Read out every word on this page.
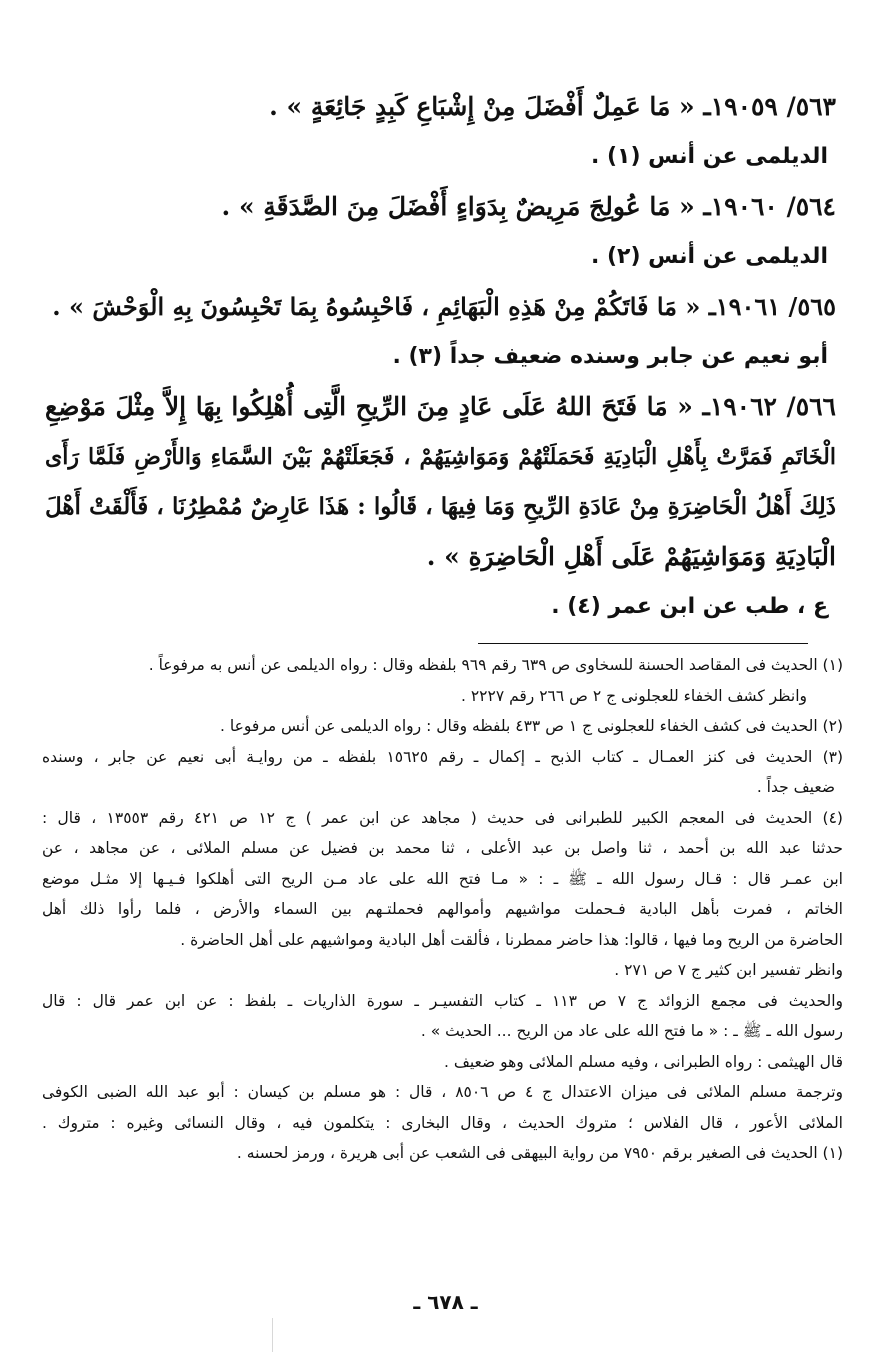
٥٦٣/ ١٩٠٥٩ـ « مَا عَمِلٌ أَفْضَلَ مِنْ إِشْبَاعِ كَبِدٍ جَائِعَةٍ » .
الديلمى عن أنس (١) .
٥٦٤/ ١٩٠٦٠ـ « مَا عُولِجَ مَرِيضٌ بِدَوَاءٍ أَفْضَلَ مِنَ الصَّدَقَةِ » .
الديلمى عن أنس (٢) .
٥٦٥/ ١٩٠٦١ـ « مَا فَاتَكُمْ مِنْ هَذِهِ الْبَهَائِمِ ، فَاحْبِسُوهُ بِمَا تَحْبِسُونَ بِهِ الْوَحْشَ » .
أبو نعيم عن جابر وسنده ضعيف جداً (٣) .
٥٦٦/ ١٩٠٦٢ـ « مَا فَتَحَ اللهُ عَلَى عَادٍ مِنَ الرِّيحِ الَّتِى أُهْلِكُوا بِهَا إِلاَّ مِثْلَ مَوْضِعِ
الْخَاتَمِ فَمَرَّتْ بِأَهْلِ الْبَادِيَةِ فَحَمَلَتْهُمْ وَمَوَاشِيَهُمْ ، فَجَعَلَتْهُمْ بَيْنَ السَّمَاءِ وَالأَرْضِ فَلَمَّا رَأَى
ذَلِكَ أَهْلُ الْحَاضِرَةِ مِنْ عَادَةِ الرِّيحِ وَمَا فِيهَا ، قَالُوا : هَذَا عَارِضٌ مُمْطِرُنَا ، فَأَلْقَتْ أَهْلَ
الْبَادِيَةِ وَمَوَاشِيَهُمْ عَلَى أَهْلِ الْحَاضِرَةِ » .
ع ، طب عن ابن عمر (٤) .
(١) الحديث فى المقاصد الحسنة للسخاوى ص ٦٣٩ رقم ٩٦٩ بلفظه وقال : رواه الديلمى عن أنس به مرفوعاً .
وانظر كشف الخفاء للعجلونى ج ٢ ص ٢٦٦ رقم ٢٢٢٧ .
(٢) الحديث فى كشف الخفاء للعجلونى ج ١ ص ٤٣٣ بلفظه وقال : رواه الديلمى عن أنس مرفوعا .
(٣) الحديث فى كنز العمـال ـ كتاب الذبح ـ إكمال ـ رقم ١٥٦٢٥ بلفظه ـ من روايـة أبى نعيم عن جابر ، وسنده
ضعيف جداً .
(٤) الحديث فى المعجم الكبير للطبرانى فى حديث ( مجاهد عن ابن عمر ) ج ١٢ ص ٤٢١ رقم ١٣٥٥٣ ، قال :
حدثنا عبد الله بن أحمد ، ثنا واصل بن عبد الأعلى ، ثنا محمد بن فضيل عن مسلم الملائى ، عن مجاهد ، عن
ابن عمـر قال : قـال رسول الله ـ ﷺ ـ : « مـا فتح الله على عاد مـن الريح التى أهلكوا فـيـها إلا مثـل موضع
الخاتم ، فمرت بأهل البادية فـحملت مواشيهم وأموالهم فحملتـهم بين السماء والأرض ، فلما رأوا ذلك أهل
الحاضرة من الريح وما فيها ، قالوا: هذا حاضر ممطرنا ، فألقت أهل البادية ومواشيهم على أهل الحاضرة .
وانظر تفسير ابن كثير ج ٧ ص ٢٧١ .
والحديث فى مجمع الزوائد ج ٧ ص ١١٣ ـ كتاب التفسيـر ـ سورة الذاريات ـ بلفظ : عن ابن عمر قال : قال
رسول الله ـ ﷺ ـ : « ما فتح الله على عاد من الريح ... الحديث » .
قال الهيثمى : رواه الطبرانى ، وفيه مسلم الملائى وهو ضعيف .
وترجمة مسلم الملائى فى ميزان الاعتدال ج ٤ ص ٨٥٠٦ ، قال : هو مسلم بن كيسان : أبو عبد الله الضبى الكوفى
الملائى الأعور ، قال الفلاس ؛ متروك الحديث ، وقال البخارى : يتكلمون فيه ، وقال النسائى وغيره : متروك .
(١) الحديث فى الصغير برقم ٧٩٥٠ من رواية البيهقى فى الشعب عن أبى هريرة ، ورمز لحسنه .
ـ ٦٧٨ ـ
